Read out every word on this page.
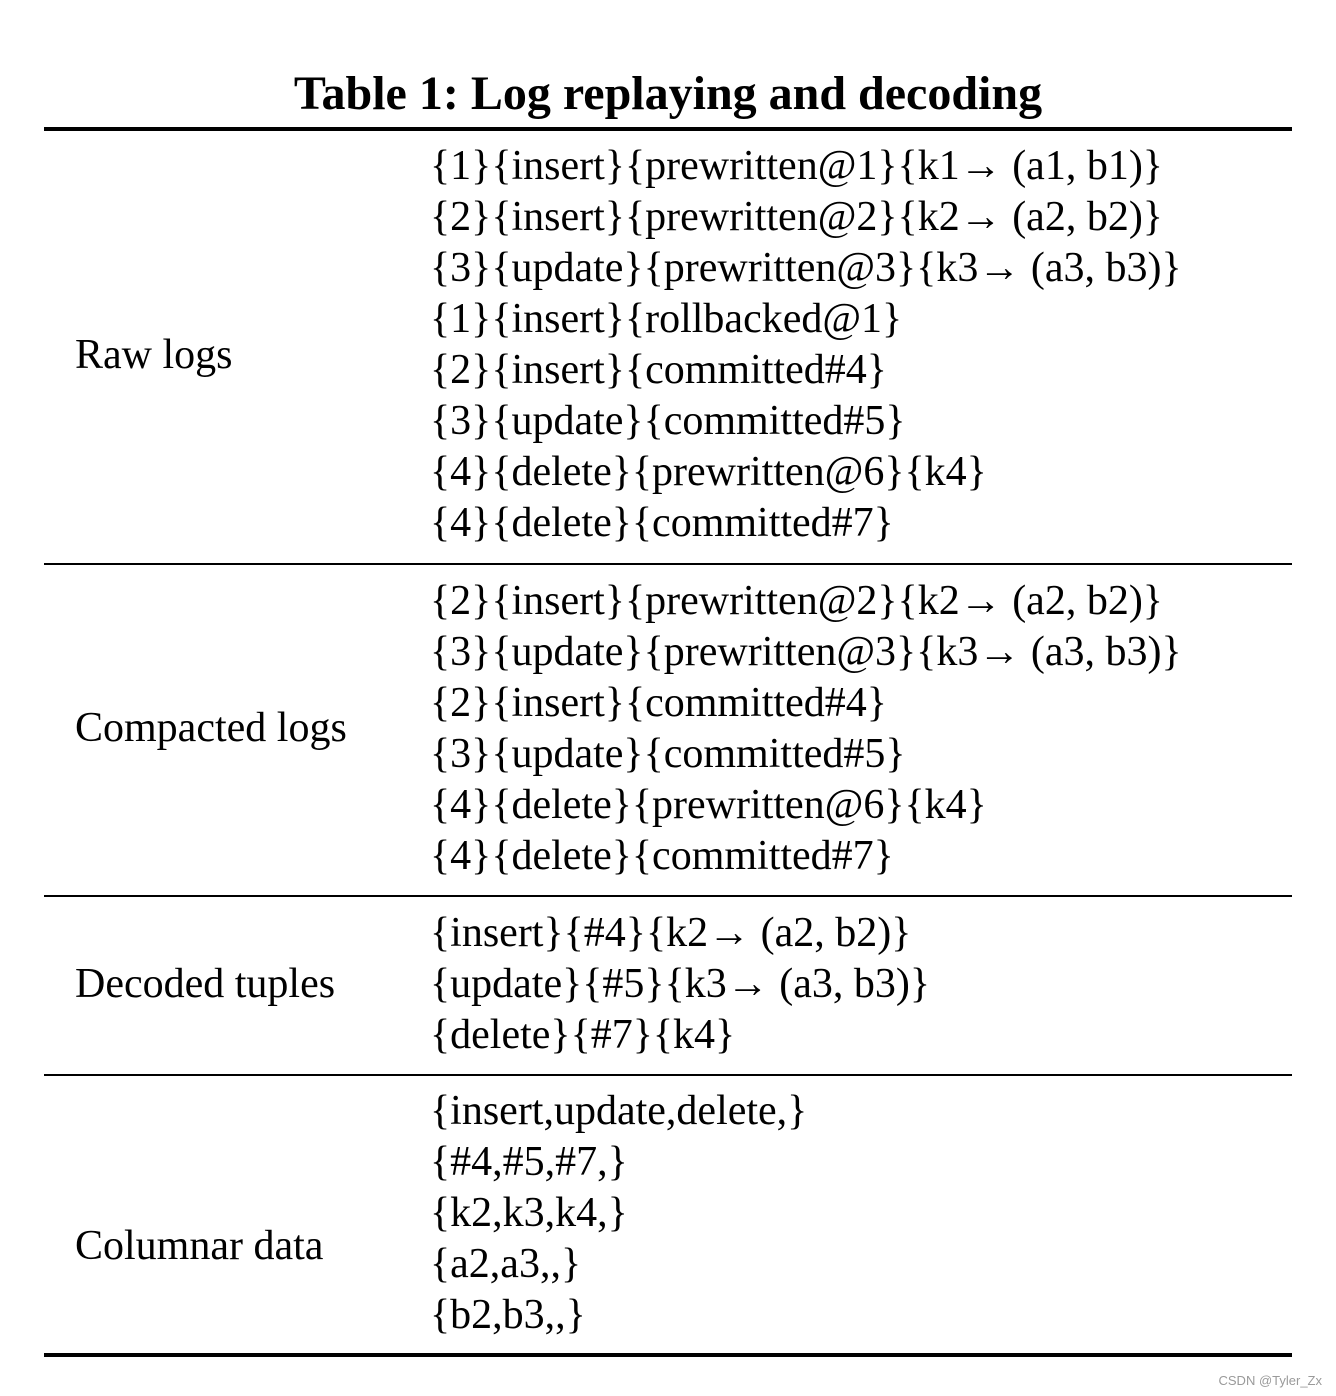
Table 1: Log replaying and decoding
Raw logs
{1}{insert}{prewritten@1}{k1→ (a1, b1)}
{2}{insert}{prewritten@2}{k2→ (a2, b2)}
{3}{update}{prewritten@3}{k3→ (a3, b3)}
{1}{insert}{rollbacked@1}
{2}{insert}{committed#4}
{3}{update}{committed#5}
{4}{delete}{prewritten@6}{k4}
{4}{delete}{committed#7}
Compacted logs
{2}{insert}{prewritten@2}{k2→ (a2, b2)}
{3}{update}{prewritten@3}{k3→ (a3, b3)}
{2}{insert}{committed#4}
{3}{update}{committed#5}
{4}{delete}{prewritten@6}{k4}
{4}{delete}{committed#7}
Decoded tuples
{insert}{#4}{k2→ (a2, b2)}
{update}{#5}{k3→ (a3, b3)}
{delete}{#7}{k4}
Columnar data
{insert,update,delete,}
{#4,#5,#7,}
{k2,k3,k4,}
{a2,a3,,}
{b2,b3,,}
CSDN @Tyler_Zx
